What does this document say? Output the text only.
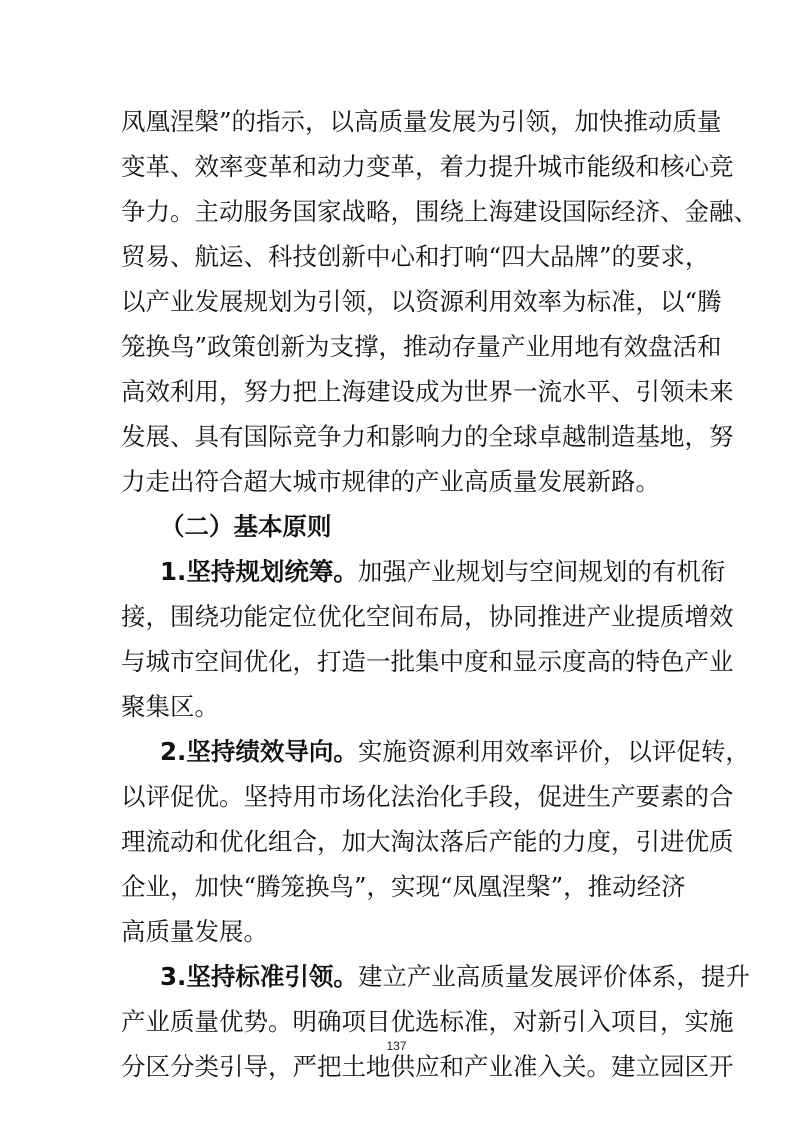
凤凰涅槃”的指示，以高质量发展为引领，加快推动质量
变革、效率变革和动力变革，着力提升城市能级和核心竞
争力。主动服务国家战略，围绕上海建设国际经济、金融、
贸易、航运、科技创新中心和打响“四大品牌”的要求，
以产业发展规划为引领，以资源利用效率为标准，以“腾
笼换鸟”政策创新为支撑，推动存量产业用地有效盘活和
高效利用，努力把上海建设成为世界一流水平、引领未来
发展、具有国际竞争力和影响力的全球卓越制造基地，努
力走出符合超大城市规律的产业高质量发展新路。
（二）基本原则
1.坚持规划统筹。加强产业规划与空间规划的有机衔
接，围绕功能定位优化空间布局，协同推进产业提质增效
与城市空间优化，打造一批集中度和显示度高的特色产业
聚集区。
2.坚持绩效导向。实施资源利用效率评价，以评促转，
以评促优。坚持用市场化法治化手段，促进生产要素的合
理流动和优化组合，加大淘汰落后产能的力度，引进优质
企业，加快“腾笼换鸟”，实现“凤凰涅槃”，推动经济
高质量发展。
3.坚持标准引领。建立产业高质量发展评价体系，提升
产业质量优势。明确项目优选标准，对新引入项目，实施
分区分类引导，严把土地供应和产业准入关。建立园区开
137
